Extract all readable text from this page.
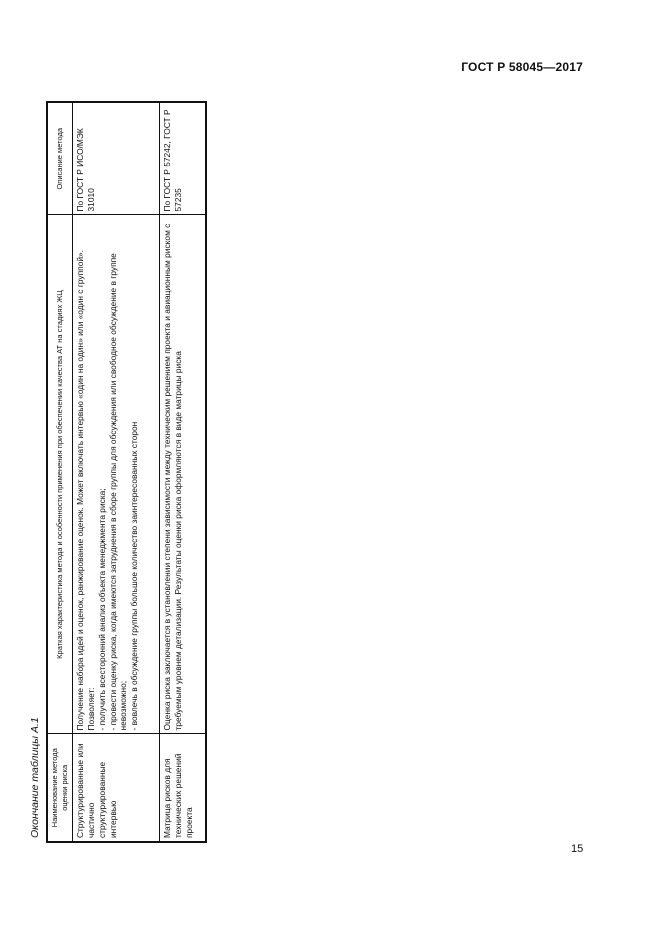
ГОСТ Р 58045—2017
Окончание таблицы А.1 Наименование метода оценки риска	Краткая характеристика метода и особенности применения при обеспечении качества АТ на стадиях ЖЦ	Описание метода
Структурированные или частично структурированные интервью	Получение набора идей и оценок, ранжирование оценок. Может включать интервью «один на один» или «один с группой». Позволяет: - получить всесторонний анализ объекта менеджмента риска; - провести оценку риска, когда имеются затруднения в сборе группы для обсуждения или свободное обсуждение в группе невозможно; - вовлечь в обсуждение группы большое количество заинтересованных сторон	По ГОСТ Р ИСО/МЭК 31010
Матрица рисков для технических решений проекта	Оценка риска заключается в установлении степени зависимости между техническим решением проекта и авиационным риском с требуемым уровнем детализации. Результаты оценки риска оформляются в виде матрицы риска	По ГОСТ Р 57242, ГОСТ Р 57235
15
